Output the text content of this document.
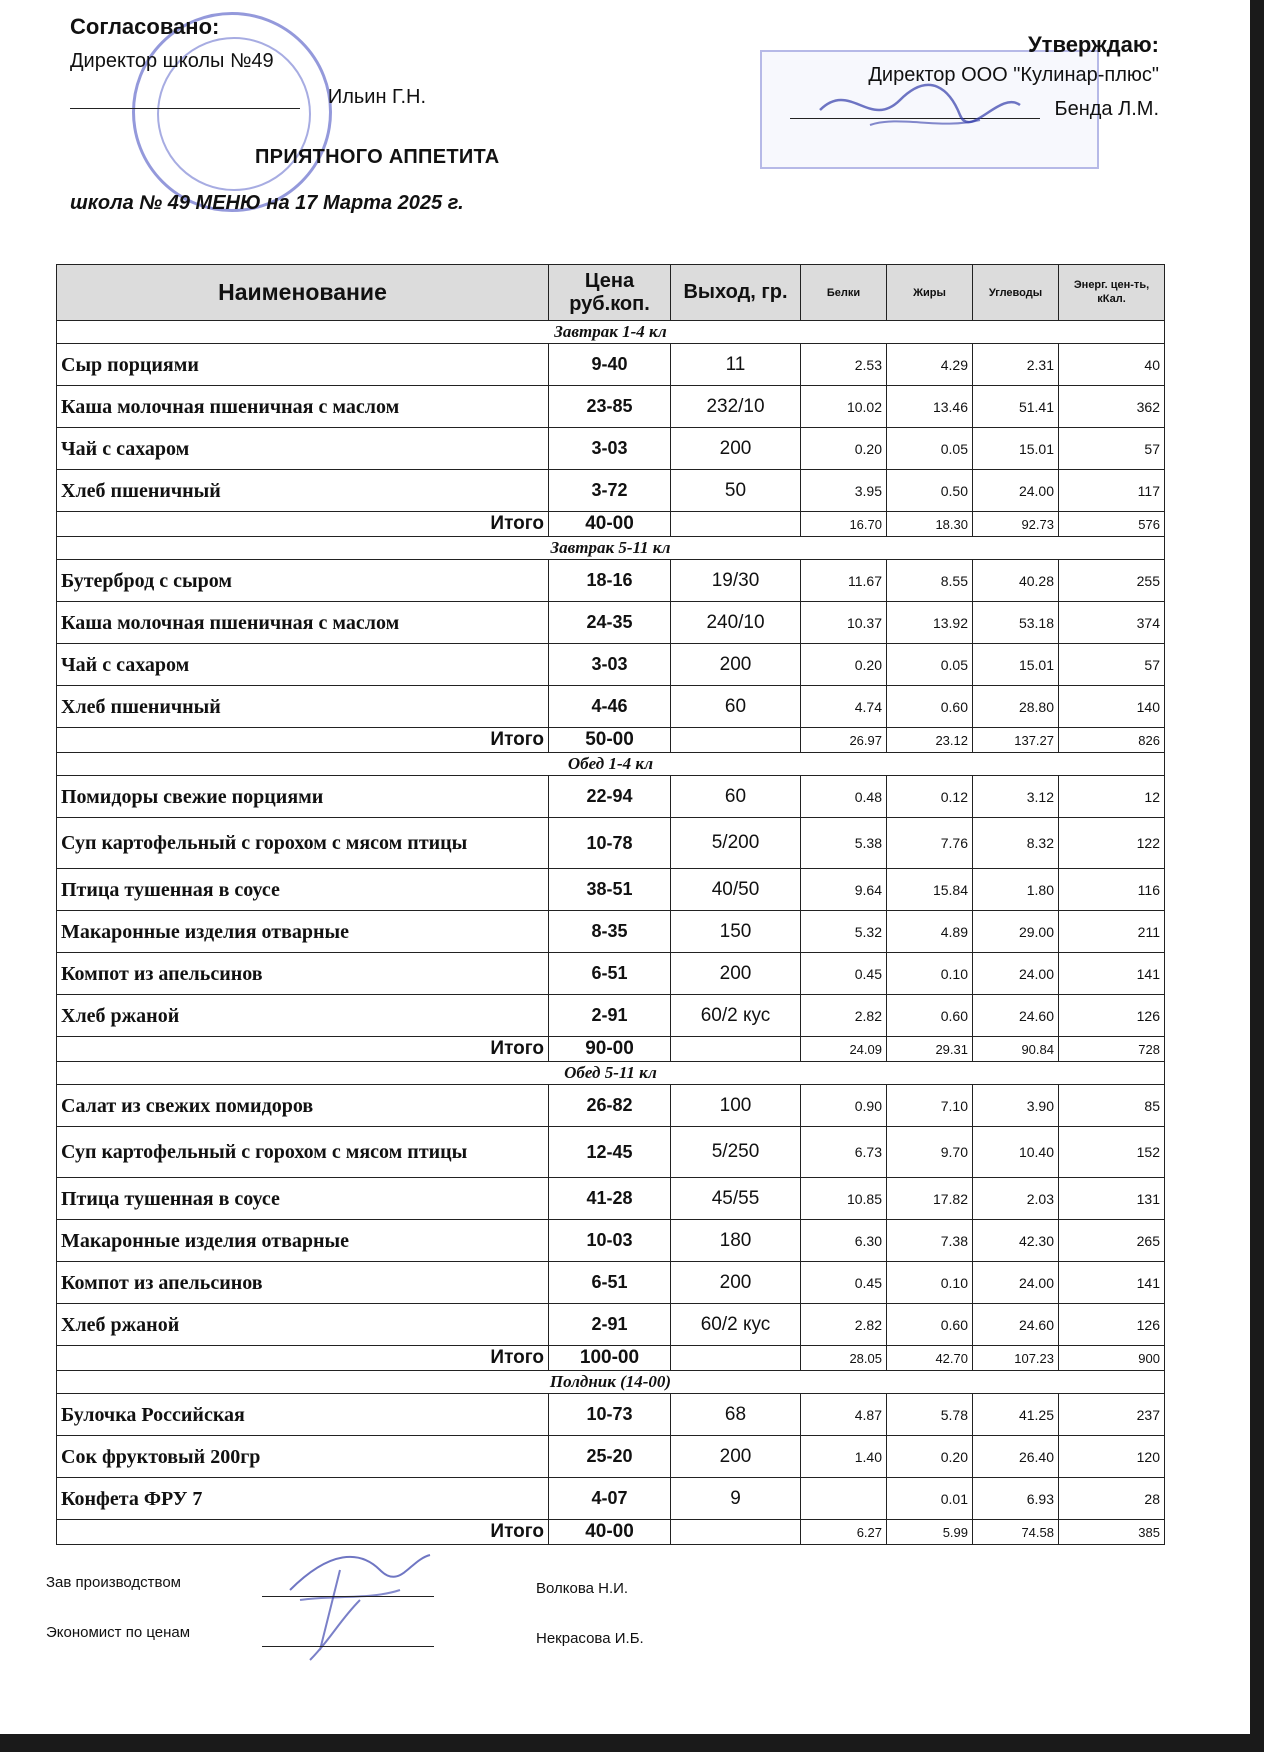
Согласовано:
Директор школы №49
Ильин Г.Н.
Утверждаю:
Директор ООО "Кулинар-плюс"
Бенда Л.М.
ПРИЯТНОГО АППЕТИТА
школа № 49 МЕНЮ на 17 Марта 2025 г.
Наименование	Цена руб.коп.	Выход, гр.	Белки	Жиры	Углеводы	Энерг. цен-ть, кКал.
Завтрак 1-4 кл						
Сыр порциями	9-40	11	2.53	4.29	2.31	40
Каша молочная пшеничная с маслом	23-85	232/10	10.02	13.46	51.41	362
Чай с сахаром	3-03	200	0.20	0.05	15.01	57
Хлеб пшеничный	3-72	50	3.95	0.50	24.00	117
Итого	40-00		16.70	18.30	92.73	576
Завтрак 5-11 кл						
Бутерброд с сыром	18-16	19/30	11.67	8.55	40.28	255
Каша молочная пшеничная с маслом	24-35	240/10	10.37	13.92	53.18	374
Чай с сахаром	3-03	200	0.20	0.05	15.01	57
Хлеб пшеничный	4-46	60	4.74	0.60	28.80	140
Итого	50-00		26.97	23.12	137.27	826
Обед 1-4 кл						
Помидоры свежие порциями	22-94	60	0.48	0.12	3.12	12
Суп картофельный с горохом с мясом птицы	10-78	5/200	5.38	7.76	8.32	122
Птица тушенная в соусе	38-51	40/50	9.64	15.84	1.80	116
Макаронные изделия отварные	8-35	150	5.32	4.89	29.00	211
Компот из апельсинов	6-51	200	0.45	0.10	24.00	141
Хлеб ржаной	2-91	60/2 кус	2.82	0.60	24.60	126
Итого	90-00		24.09	29.31	90.84	728
Обед 5-11 кл						
Салат из свежих помидоров	26-82	100	0.90	7.10	3.90	85
Суп картофельный с горохом с мясом птицы	12-45	5/250	6.73	9.70	10.40	152
Птица тушенная в соусе	41-28	45/55	10.85	17.82	2.03	131
Макаронные изделия отварные	10-03	180	6.30	7.38	42.30	265
Компот из апельсинов	6-51	200	0.45	0.10	24.00	141
Хлеб ржаной	2-91	60/2 кус	2.82	0.60	24.60	126
Итого	100-00		28.05	42.70	107.23	900
Полдник (14-00)						
Булочка Российская	10-73	68	4.87	5.78	41.25	237
Сок фруктовый 200гр	25-20	200	1.40	0.20	26.40	120
Конфета ФРУ 7	4-07	9		0.01	6.93	28
Итого	40-00		6.27	5.99	74.58	385
Зав производством	Волкова Н.И.
Экономист по ценам	Некрасова И.Б.
